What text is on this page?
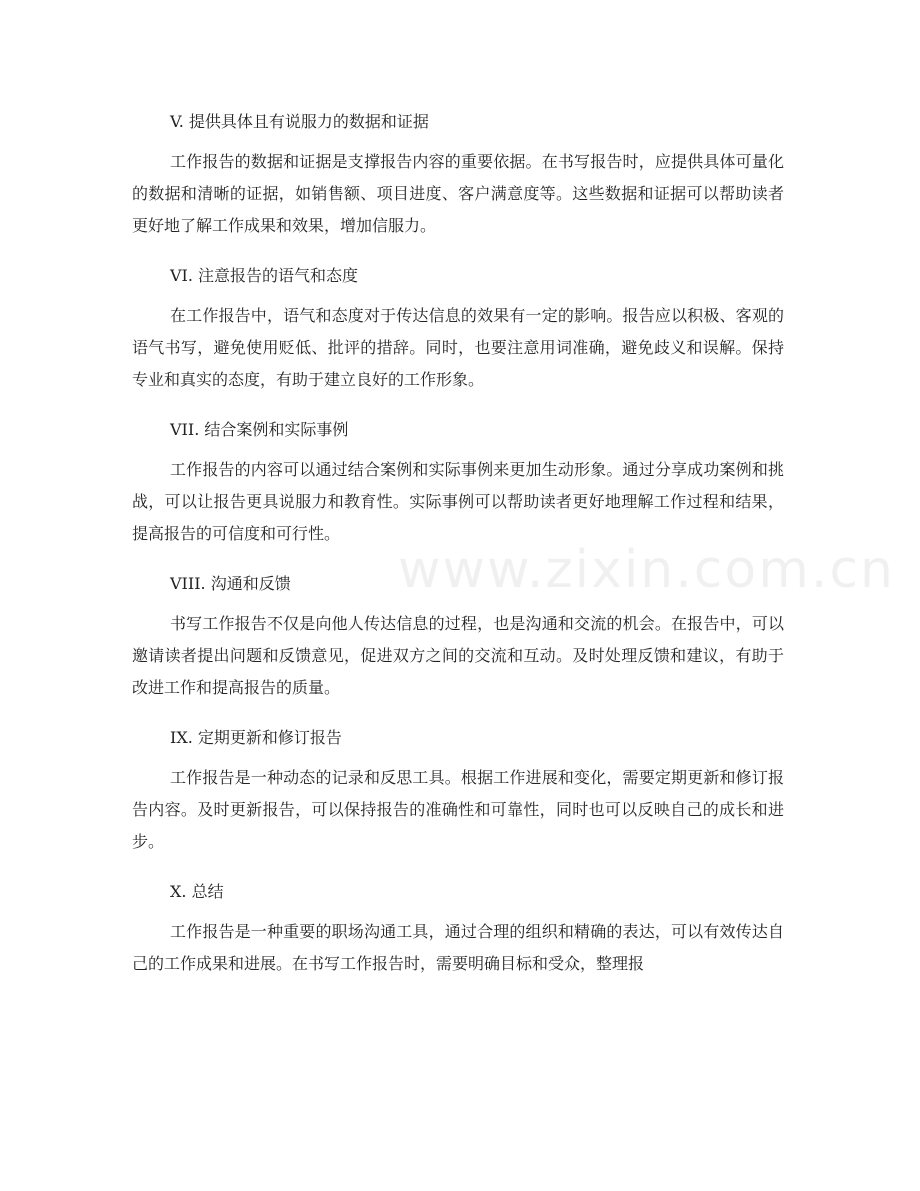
V. 提供具体且有说服力的数据和证据

工作报告的数据和证据是支撑报告内容的重要依据。在书写报告时，应提供具体可量化的数据和清晰的证据，如销售额、项目进度、客户满意度等。这些数据和证据可以帮助读者更好地了解工作成果和效果，增加信服力。

VI. 注意报告的语气和态度

在工作报告中，语气和态度对于传达信息的效果有一定的影响。报告应以积极、客观的语气书写，避免使用贬低、批评的措辞。同时，也要注意用词准确，避免歧义和误解。保持专业和真实的态度，有助于建立良好的工作形象。

VII. 结合案例和实际事例

工作报告的内容可以通过结合案例和实际事例来更加生动形象。通过分享成功案例和挑战，可以让报告更具说服力和教育性。实际事例可以帮助读者更好地理解工作过程和结果，提高报告的可信度和可行性。

VIII. 沟通和反馈

书写工作报告不仅是向他人传达信息的过程，也是沟通和交流的机会。在报告中，可以邀请读者提出问题和反馈意见，促进双方之间的交流和互动。及时处理反馈和建议，有助于改进工作和提高报告的质量。

IX. 定期更新和修订报告

工作报告是一种动态的记录和反思工具。根据工作进展和变化，需要定期更新和修订报告内容。及时更新报告，可以保持报告的准确性和可靠性，同时也可以反映自己的成长和进步。

X. 总结

工作报告是一种重要的职场沟通工具，通过合理的组织和精确的表达，可以有效传达自己的工作成果和进展。在书写工作报告时，需要明确目标和受众，整理报

www.zixin.com.cn
